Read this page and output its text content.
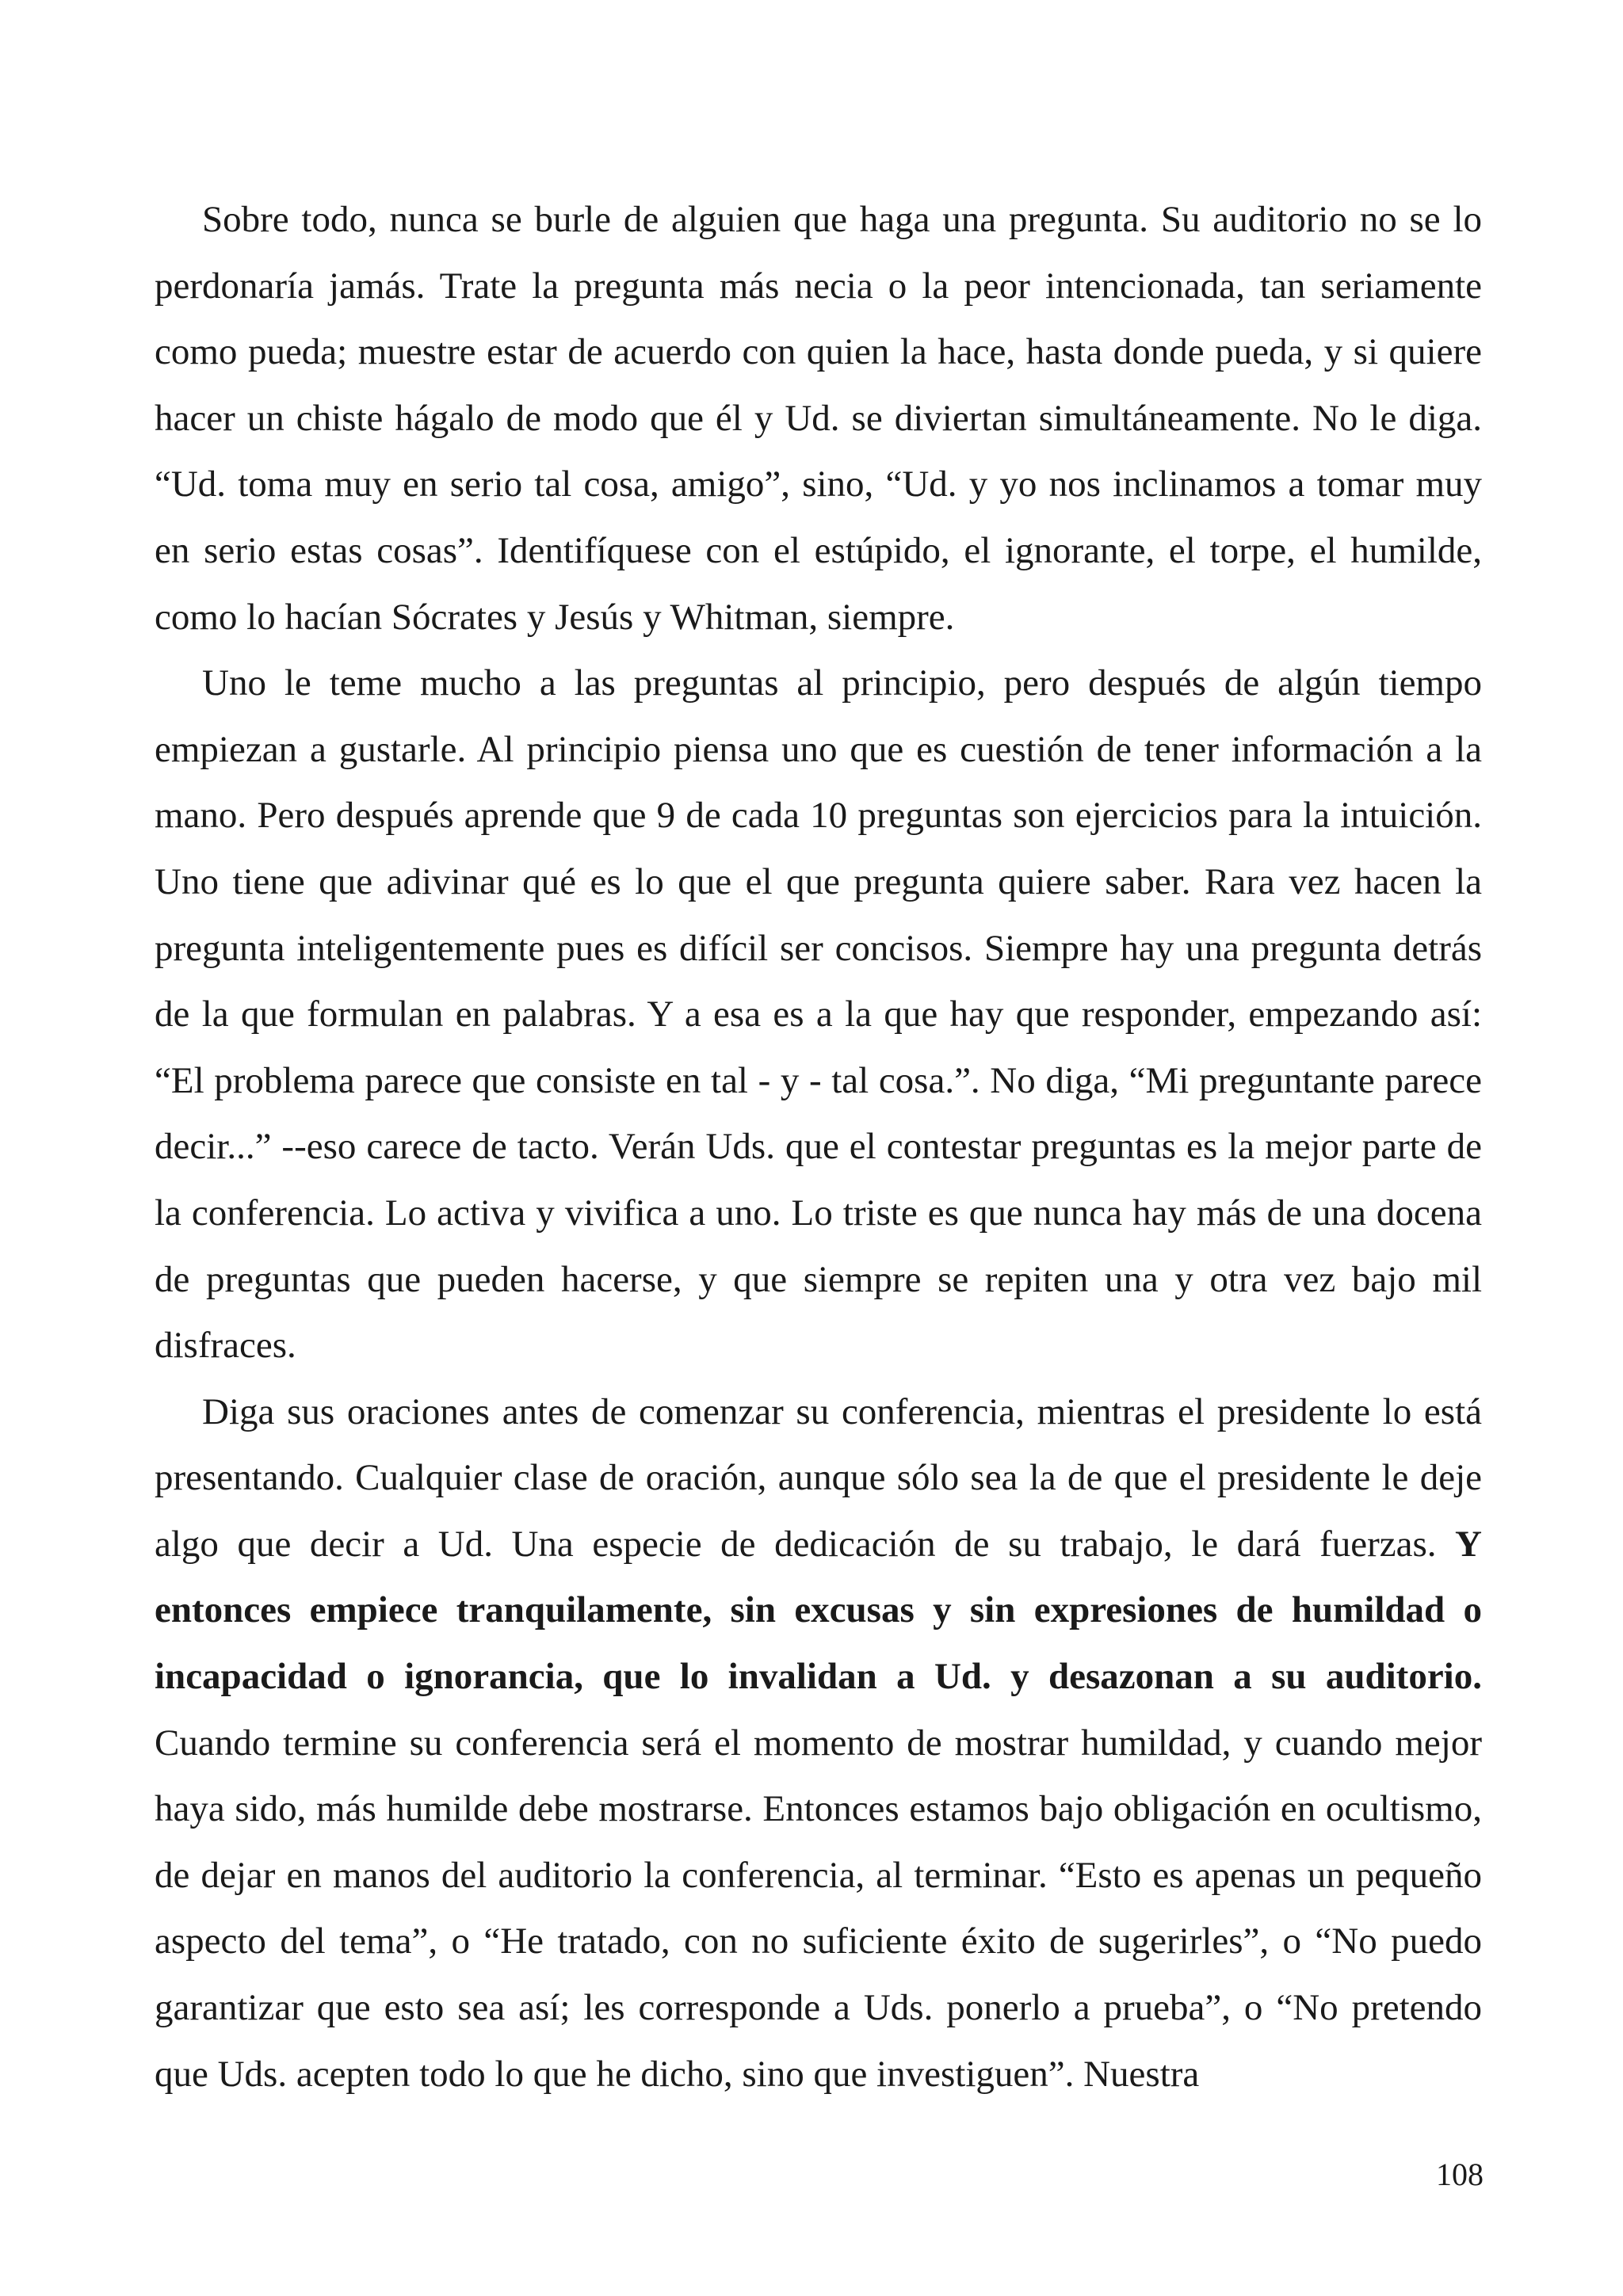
Sobre todo, nunca se burle de alguien que haga una pregunta. Su auditorio no se lo perdonaría jamás. Trate la pregunta más necia o la peor intencionada, tan seriamente como pueda; muestre estar de acuerdo con quien la hace, hasta donde pueda, y si quiere hacer un chiste hágalo de modo que él y Ud. se diviertan simultáneamente. No le diga. “Ud. toma muy en serio tal cosa, amigo”, sino, “Ud. y yo nos inclinamos a tomar muy en serio estas cosas”. Identifíquese con el estúpido, el ignorante, el torpe, el humilde, como lo hacían Sócrates y Jesús y Whitman, siempre.

Uno le teme mucho a las preguntas al principio, pero después de algún tiempo empiezan a gustarle. Al principio piensa uno que es cuestión de tener información a la mano. Pero después aprende que 9 de cada 10 preguntas son ejercicios para la intuición. Uno tiene que adivinar qué es lo que el que pregunta quiere saber. Rara vez hacen la pregunta inteligentemente pues es difícil ser concisos. Siempre hay una pregunta detrás de la que formulan en palabras. Y a esa es a la que hay que responder, empezando así: “El problema parece que consiste en tal - y - tal cosa.”. No diga, “Mi preguntante parece decir...” --eso carece de tacto. Verán Uds. que el contestar preguntas es la mejor parte de la conferencia. Lo activa y vivifica a uno. Lo triste es que nunca hay más de una docena de preguntas que pueden hacerse, y que siempre se repiten una y otra vez bajo mil disfraces.

Diga sus oraciones antes de comenzar su conferencia, mientras el presidente lo está presentando. Cualquier clase de oración, aunque sólo sea la de que el presidente le deje algo que decir a Ud. Una especie de dedicación de su trabajo, le dará fuerzas. Y entonces empiece tranquilamente, sin excusas y sin expresiones de humildad o incapacidad o ignorancia, que lo invalidan a Ud. y desazonan a su auditorio. Cuando termine su conferencia será el momento de mostrar humildad, y cuando mejor haya sido, más humilde debe mostrarse. Entonces estamos bajo obligación en ocultismo, de dejar en manos del auditorio la conferencia, al terminar. “Esto es apenas un pequeño aspecto del tema”, o “He tratado, con no suficiente éxito de sugerirles”, o “No puedo garantizar que esto sea así; les corresponde a Uds. ponerlo a prueba”, o “No pretendo que Uds. acepten todo lo que he dicho, sino que investiguen”. Nuestra

108
